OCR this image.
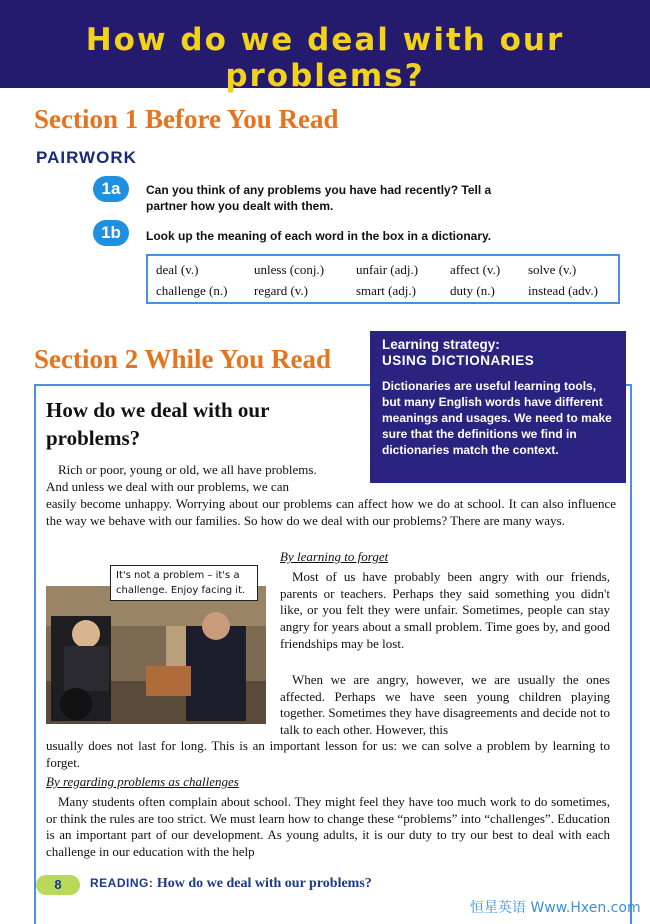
How do we deal with our problems?
Section 1 Before You Read
PAIRWORK
1a	Can you think of any problems you have had recently? Tell a
partner how you dealt with them.
1b	Look up the meaning of each word in the box in a dictionary.
deal (v.)	unless (conj.) unfair (adj.) affect (v.) solve (v.)
challenge (n.) regard (v.)	smart (adj.)	duty (n.)	instead (adv.)
Section 2 While You Read	Learning strategy:
USING DICTIONARIES
Dictionaries are useful learning tools, but many English words have different meanings and usages. We need to make sure that the definitions we find in dictionaries match the context.
How do we deal with our
problems?
Rich or poor, young or old, we all have problems.
And unless we deal with our problems, we can
easily become unhappy. Worrying about our problems can affect how we do at school. It can also influence the way we behave with our families. So how do we deal with our problems? There are many ways.
By learning to forget
Most of us have probably been angry with our friends, parents or teachers. Perhaps they said something you didn't like, or you felt they were unfair. Sometimes, people can stay angry for years about a small problem. Time goes by, and good friendships may be lost.
When we are angry, however, we are usually the ones affected. Perhaps we have seen young children playing together. Sometimes they have disagreements and decide not to talk to each other. However, this
usually does not last for long. This is an important lesson for us: we can solve a problem by learning to forget.
By regarding problems as challenges
Many students often complain about school. They might feel they have too much work to do sometimes, or think the rules are too strict. We must learn how to change these “problems” into “challenges”. Education is an important part of our development. As young adults, it is our duty to try our best to deal with each challenge in our education with the help
It's not a problem – it's a challenge. Enjoy facing it.
8	READING: How do we deal with our problems?
恒星英语 Www.Hxen.com
